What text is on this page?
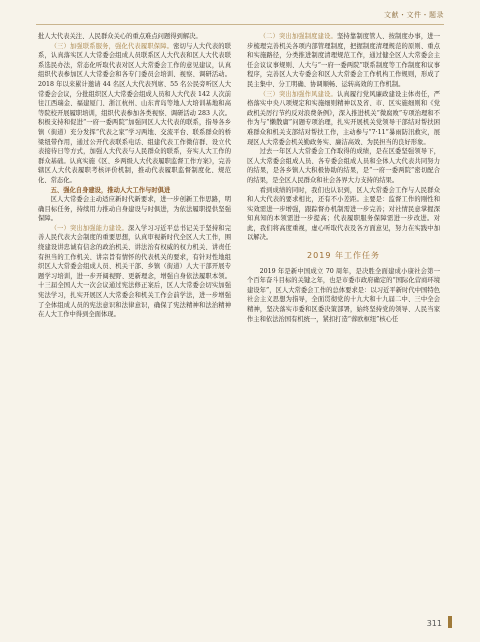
文献・文件・题录

批人大代表关注、人民群众关心的重点难点问题得到解决。

（三）加强联系服务，强化代表履职保障。密切与人大代表的联系，认真落实区人大常委会组成人员联系区人大代表和区人大代表联系选民办法，常态化听取代表对区人大常委会工作的意见建议，认真组织代表参加区人大常委会和各专门委员会培训、视察、调研活动。2018 年以来累计邀请 44 名区人大代表列席、55 名公民旁听区人大常委会会议，分批组织区人大常委会组成人员和人大代表 142 人次前往江西瑞金、福建厦门、浙江杭州、山东青岛等地人大培训基地和高等院校开展履职培训，组织代表参加各类视察、调研活动 283 人次。积极支持和促进“一府一委两院”加强同区人大代表的联系，指导各乡镇（街道）充分发挥“代表之家”学习两地、交流平台、联系群众的桥梁纽带作用，通过公开代表联系电话、组建代表工作微信群、设立代表接待日等方式，加强人大代表与人民群众的联系，夯实人大工作的群众基础。认真实施《区、乡两级人大代表履职监督工作方案》，完善辖区人大代表履职考核评价机制，推动代表履职监督制度化、规范化、常态化。

五、强化自身建设，推动人大工作与时俱进

区人大常委会主动适应新时代新要求，进一步创新工作思路，明确目标任务，持续用力推动自身建设与时俱进，为依法履职提供坚强保障。

（一）突出加强能力建设。深入学习习近平总书记关于坚持和完善人民代表大会制度的重要思想，认真审视新时代全区人大工作，围绕建设讲忠诚有信念的政治机关、讲法治有权威的权力机关、讲责任有担当的工作机关、讲宗旨有情怀的代表机关的要求，有针对性地组织区人大常委会组成人员、机关干部、乡镇（街道）人大干部开展专题学习培训，进一步开阔视野、更新理念，增强自身依法履职本领。十三届全国人大一次会议通过宪法修正案后，区人大常委会切实加强宪法学习，扎实开展区人大常委会和机关工作会前学法，进一步增强了全体组成人员的宪法意识和法律意识，确保了宪法精神和法治精神在人大工作中得到全面体现。

（二）突出加强制度建设。坚持靠制度管人、按制度办事，进一步梳理完善机关各项内部管理制度，把握制度清理规范的原则、重点和实施路径，分类推进制度清理规范工作，通过健全区人大常委会主任会议议事规则、人大与“一府一委两院”联系制度等工作制度和议事程序，完善区人大专委会和区人大常委会工作机构工作规则，形成了民主集中、分工明确、协调顺畅、运转高效的工作机制。

（三）突出加强作风建设。认真履行党风廉政建设主体责任，严格落实中央八项规定和实施细则精神以及省、市、区实施细则和《党政机关厉行节约反对浪费条例》，深入推进机关“微腐败”专项治理和不作为与“懒散庸”问题专项治理，扎实开展机关党领导干部结对帮扶困难群众和机关支部结对帮扶工作，主动参与“7·11”暴雨防汛救灾，展现区人大常委会机关勤政务实、廉洁高效、为民担当的良好形象。

过去一年区人大常委会工作取得的成绩，是在区委坚强领导下，区人大常委会组成人员、各专委会组成人员和全体人大代表共同努力的结果，是各乡镇人大积极协助的结果，是“一府一委两院”密切配合的结果，是全区人民群众和社会各界大力支持的结果。

看到成绩的同时，我们也认识到，区人大常委会工作与人民群众和人大代表的要求相比，还有不小差距。主要是：监督工作的刚性和实效需进一步增强，跟踪督办机制需进一步完善；对社情民意掌握深知真知的本领需进一步提高；代表履职服务保障需进一步改进。对此，我们将高度重视，虚心听取代表及各方面意见，努力在实践中加以解决。

2019 年工作任务

2019 年是新中国成立 70 周年，是决胜全面建成小康社会第一个百年奋斗目标的关键之年，也是市委市政府确定的“国际化营商环境建设年”，区人大常委会工作的总体要求是：以习近平新时代中国特色社会主义思想为指导，全面贯彻党的十九大和十九届二中、三中全会精神，坚决落实市委和区委决策部署，始终坚持党的领导、人民当家作主和依法治国有机统一，紧扣打造“蓉欧枢纽”核心任

311
